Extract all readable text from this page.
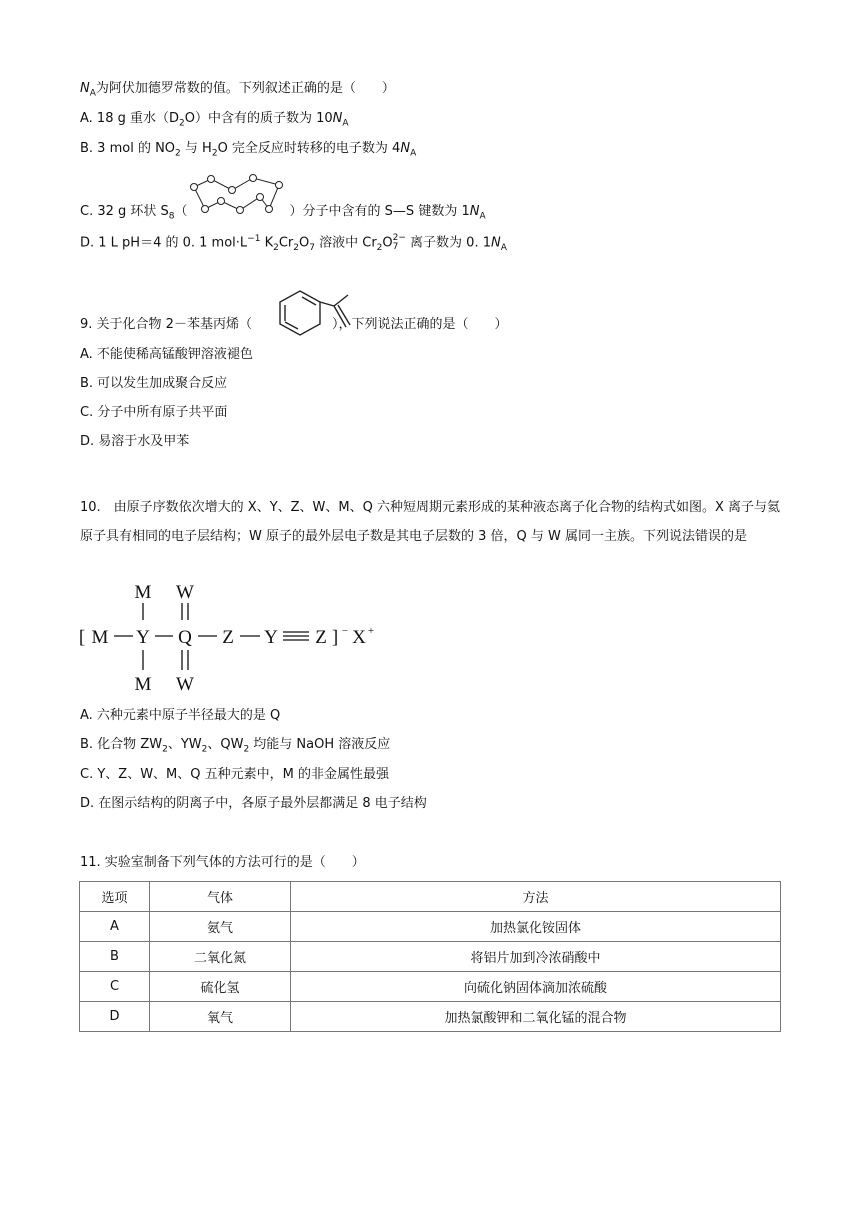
$N_A$为阿伏加德罗常数的值。下列叙述正确的是（　　）
A. 18 g 重水$(D_2O)$中含有的质子数为 $10N_A$
B. 3 mol 的 $NO_2$ 与 $H_2O$ 完全反应时转移的电子数为 $4N_A$
C. 32 g 环状 $S_8$（	）分子中含有的 S—S 键数为 $1N_A$
D. 1 L pH＝4 的 0. 1 $mol\cdot L^{-1}$ $K_2Cr_2O_7$ 溶液中 $Cr_2O$ 2−
7 离子数为 0. $1N_A$
9. 关于化合物 2－苯基丙烯（	），下列说法正确的是（　　）
A. 不能使稀高锰酸钾溶液褪色
B. 可以发生加成聚合反应
C. 分子中所有原子共平面
D. 易溶于水及甲苯
10.　由原子序数依次增大的 X、Y、Z、W、M、Q 六种短周期元素形成的某种液态离子化合物的结构式如图。X 离子与氦原子具有相同的电子层结构；W 原子的最外层电子数是其电子层数的 3 倍，Q 与 W 属同一主族。下列说法错误的是
M W
[ M Y Q Z Y Z ] − X +
M W
A. 六种元素中原子半径最大的是 Q
B. 化合物 $ZW_2$、$YW_2$、$QW_2$ 均能与 NaOH 溶液反应
C. Y、Z、W、M、Q 五种元素中，M 的非金属性最强
D. 在图示结构的阴离子中，各原子最外层都满足 8 电子结构
11. 实验室制备下列气体的方法可行的是（　　）
选项	气体	方法
A	氨气	加热氯化铵固体
B	二氧化氮	将铝片加到冷浓硝酸中
C	硫化氢	向硫化钠固体滴加浓硫酸
D	氧气	加热氯酸钾和二氧化锰的混合物
